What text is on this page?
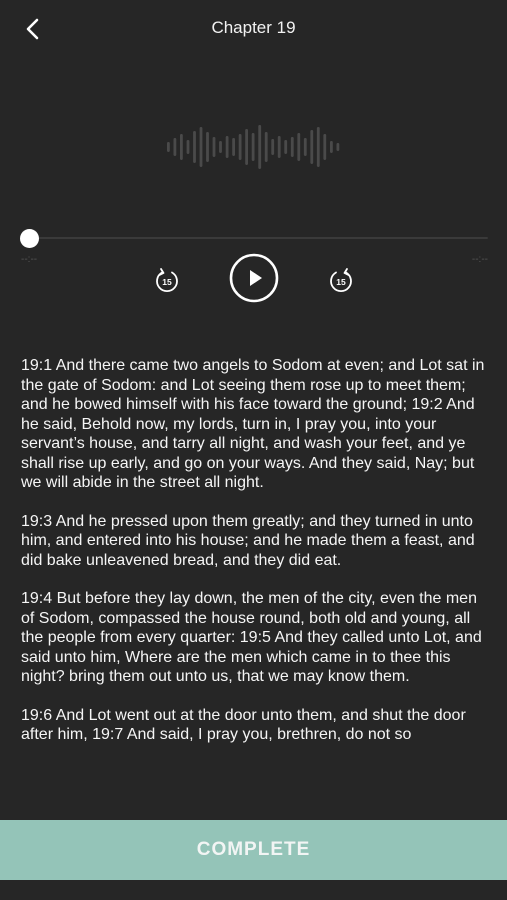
Chapter 19
--:--	--:--
15	15

19:1 And there came two angels to Sodom at even; and Lot sat in the gate of Sodom: and Lot seeing them rose up to meet them; and he bowed himself with his face toward the ground; 19:2 And he said, Behold now, my lords, turn in, I pray you, into your servant’s house, and tarry all night, and wash your feet, and ye shall rise up early, and go on your ways. And they said, Nay; but we will abide in the street all night.

19:3 And he pressed upon them greatly; and they turned in unto him, and entered into his house; and he made them a feast, and did bake unleavened bread, and they did eat.

19:4 But before they lay down, the men of the city, even the men of Sodom, compassed the house round, both old and young, all the people from every quarter: 19:5 And they called unto Lot, and said unto him, Where are the men which came in to thee this night? bring them out unto us, that we may know them.

19:6 And Lot went out at the door unto them, and shut the door after him, 19:7 And said, I pray you, brethren, do not so

COMPLETE
